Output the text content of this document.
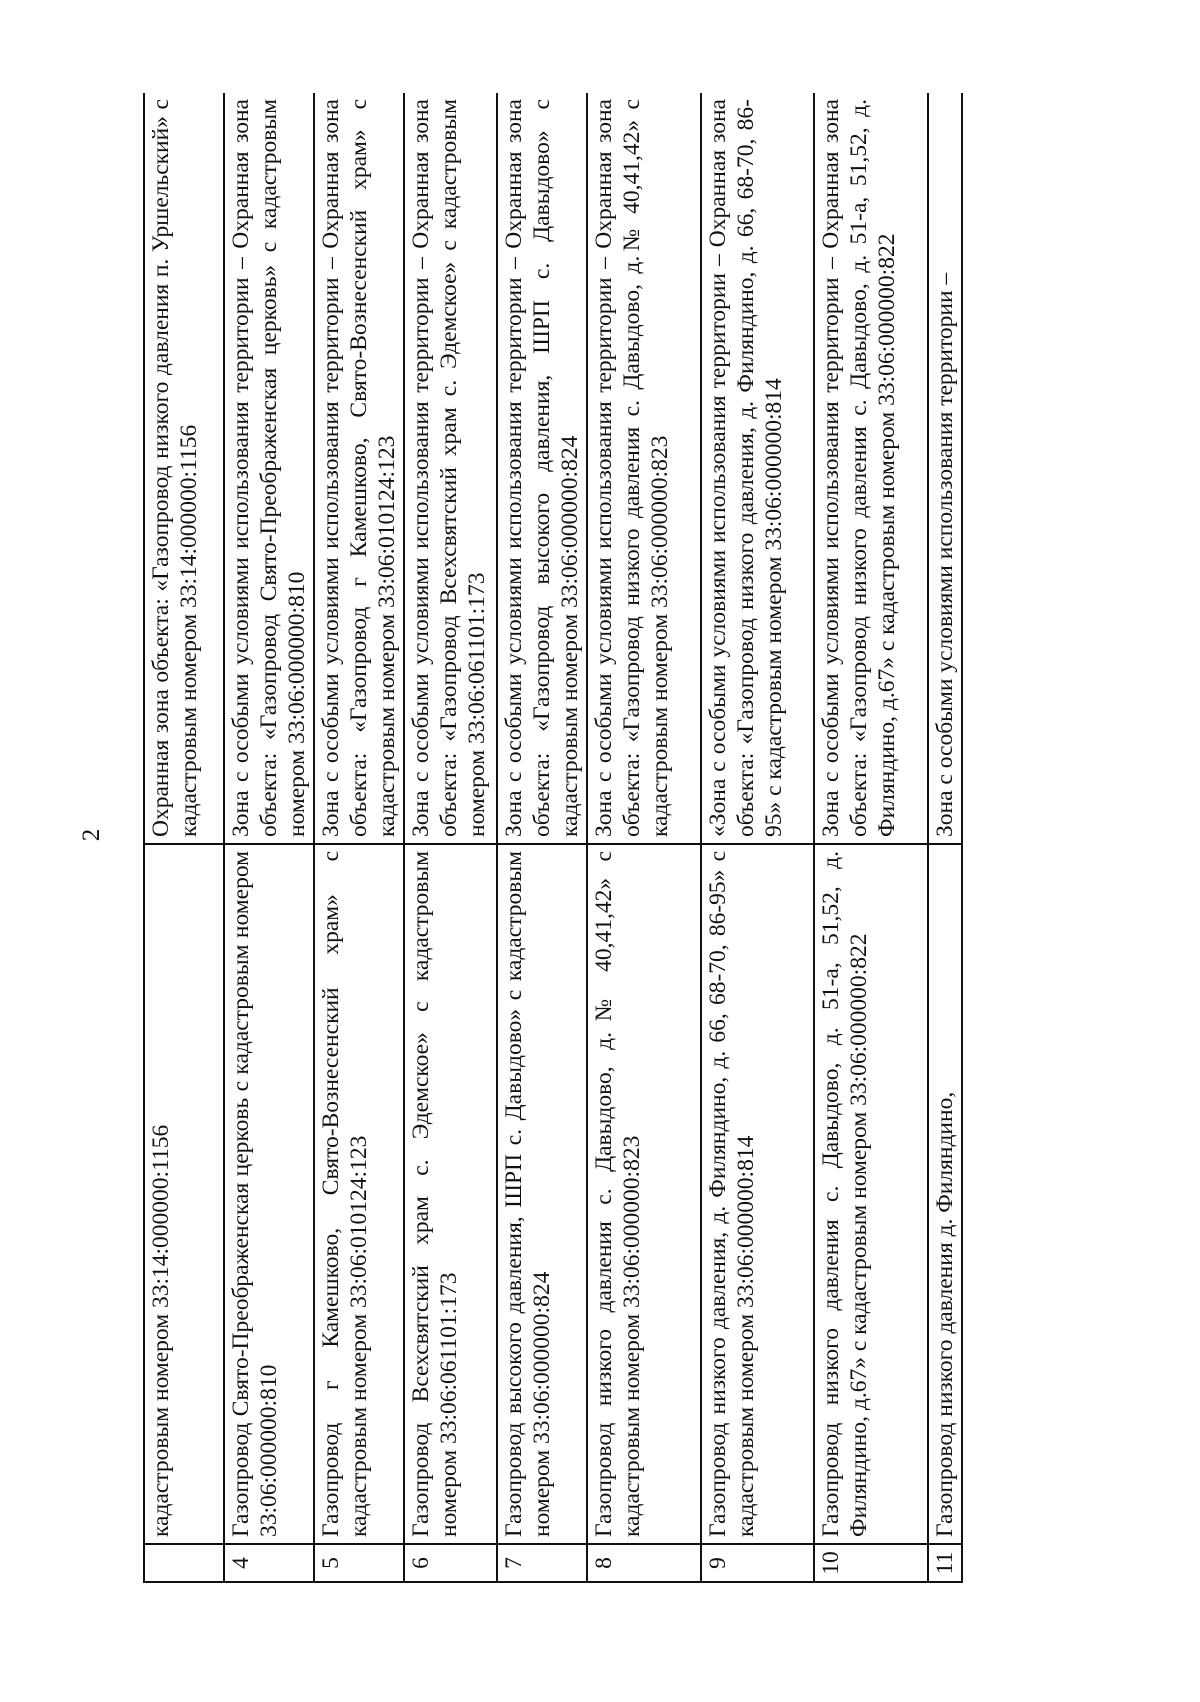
2
	кадастровым номером 33:14:000000:1156	Охранная зона объекта: «Газопровод низкого давления п. Уршельский» с кадастровым номером 33:14:000000:1156
4	Газопровод Свято-Преображенская церковь с кадастровым номером 33:06:000000:810	Зона с особыми условиями использования территории – Охранная зона объекта: «Газопровод Свято-Преображенская церковь» с кадастровым номером 33:06:000000:810
5	Газопровод г Камешково, Свято-Вознесенский храм» с кадастровым номером 33:06:010124:123	Зона с особыми условиями использования территории – Охранная зона объекта: «Газопровод г Камешково, Свято-Вознесенский храм» с кадастровым номером 33:06:010124:123
6	Газопровод Всехсвятский храм с. Эдемское» с кадастровым номером 33:06:061101:173	Зона с особыми условиями использования территории – Охранная зона объекта: «Газопровод Всехсвятский храм с. Эдемское» с кадастровым номером 33:06:061101:173
7	Газопровод высокого давления, ШРП с. Давыдово» с кадастровым номером 33:06:000000:824	Зона с особыми условиями использования территории – Охранная зона объекта: «Газопровод высокого давления, ШРП с. Давыдово» с кадастровым номером 33:06:000000:824
8	Газопровод низкого давления с. Давыдово, д.№ 40,41,42» с кадастровым номером 33:06:000000:823	Зона с особыми условиями использования территории – Охранная зона объекта: «Газопровод низкого давления с. Давыдово, д.№ 40,41,42» с кадастровым номером 33:06:000000:823
9	Газопровод низкого давления, д. Филяндино, д. 66, 68-70, 86-95» с кадастровым номером 33:06:000000:814	«Зона с особыми условиями использования территории – Охранная зона объекта: «Газопровод низкого давления, д. Филяндино, д. 66, 68-70, 86-95» с кадастровым номером 33:06:000000:814
10	Газопровод низкого давления с. Давыдово, д. 51-а, 51,52, д. Филяндино, д.67» с кадастровым номером 33:06:000000:822	Зона с особыми условиями использования территории – Охранная зона объекта: «Газопровод низкого давления с. Давыдово, д. 51-а, 51,52, д. Филяндино, д.67» с кадастровым номером 33:06:000000:822
11	Газопровод низкого давления д. Филяндино,	Зона с особыми условиями использования территории –
